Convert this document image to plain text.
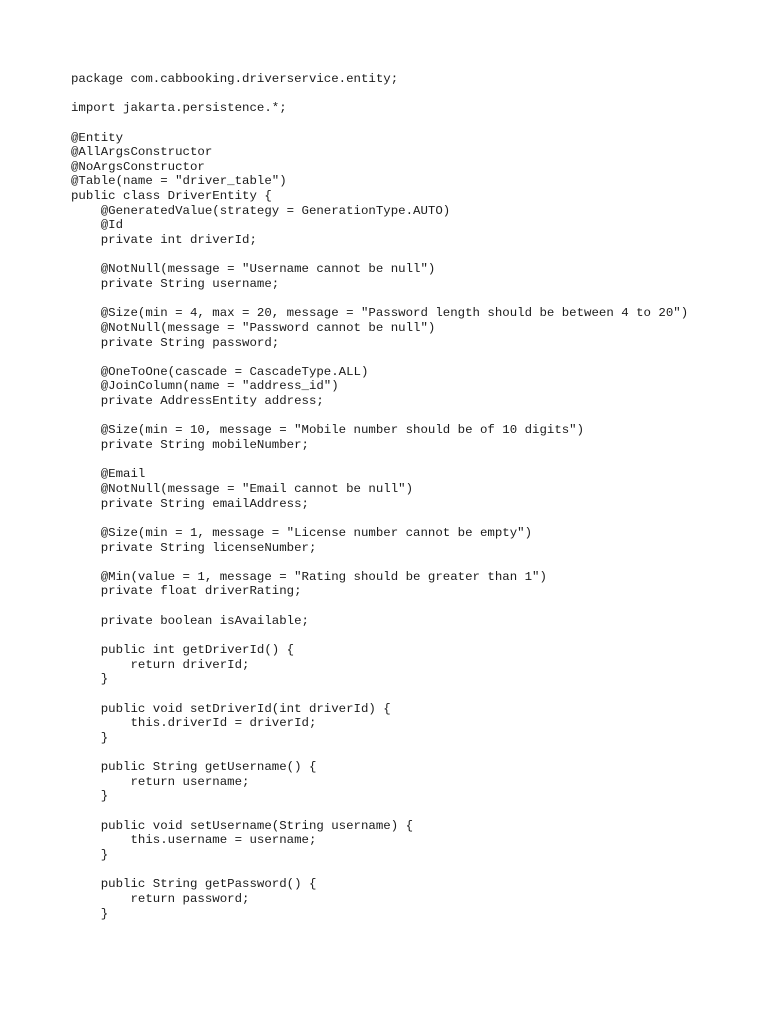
package com.cabbooking.driverservice.entity;
import jakarta.persistence.*;
@Entity
@AllArgsConstructor
@NoArgsConstructor
@Table(name = "driver_table")
public class DriverEntity {
@GeneratedValue(strategy = GenerationType.AUTO)
@Id
private int driverId;
@NotNull(message = "Username cannot be null")
private String username;
@Size(min = 4, max = 20, message = "Password length should be between 4 to 20")
@NotNull(message = "Password cannot be null")
private String password;
@OneToOne(cascade = CascadeType.ALL)
@JoinColumn(name = "address_id")
private AddressEntity address;
@Size(min = 10, message = "Mobile number should be of 10 digits")
private String mobileNumber;
@Email
@NotNull(message = "Email cannot be null")
private String emailAddress;
@Size(min = 1, message = "License number cannot be empty")
private String licenseNumber;
@Min(value = 1, message = "Rating should be greater than 1")
private float driverRating;
private boolean isAvailable;
public int getDriverId() {
return driverId;
}
public void setDriverId(int driverId) {
this.driverId = driverId;
}
public String getUsername() {
return username;
}
public void setUsername(String username) {
this.username = username;
}
public String getPassword() {
return password;
}
